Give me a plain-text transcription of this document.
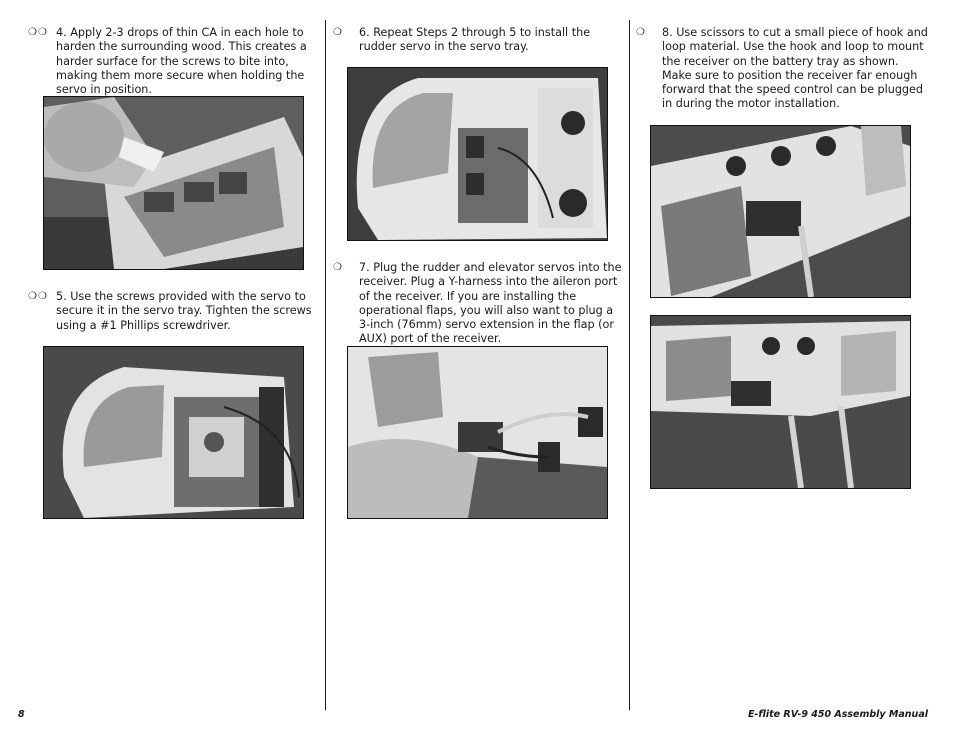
❍❍ 4. Apply 2-3 drops of thin CA in each hole to harden the surrounding wood. This creates a harder surface for the screws to bite into, making them more secure when holding the servo in position.
❍❍ 5. Use the screws provided with the servo to secure it in the servo tray. Tighten the screws using a #1 Phillips screwdriver.
❍	6. Repeat Steps 2 through 5 to install the rudder servo in the servo tray.
❍	7. Plug the rudder and elevator servos into the receiver. Plug a Y-harness into the aileron port of the receiver. If you are installing the operational flaps, you will also want to plug a 3-inch (76mm) servo extension in the flap (or AUX) port of the receiver.
❍	8. Use scissors to cut a small piece of hook and loop material. Use the hook and loop to mount the receiver on the battery tray as shown. Make sure to position the receiver far enough forward that the speed control can be plugged in during the motor installation.
8	E-flite RV-9 450 Assembly Manual
